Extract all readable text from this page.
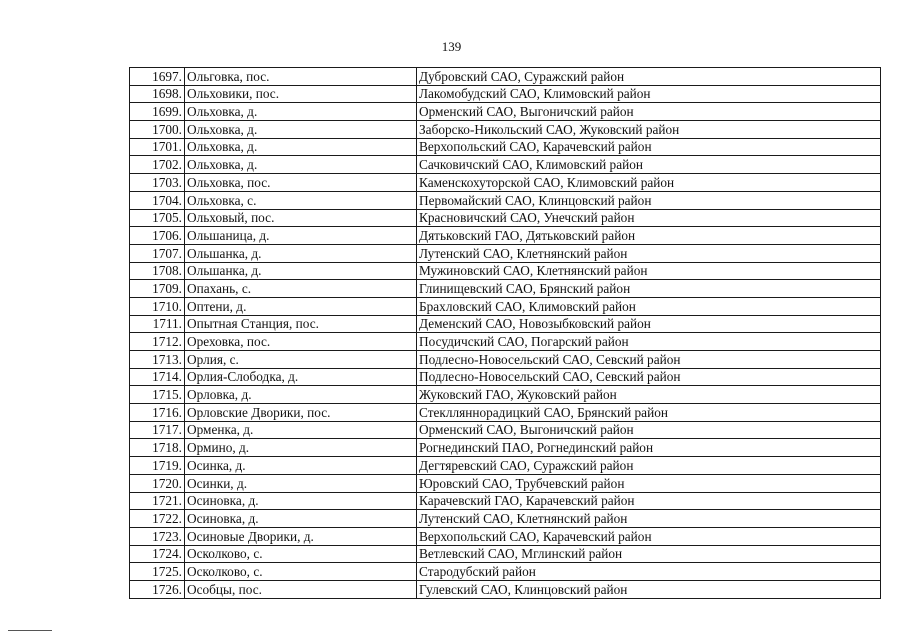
139
1697.	Ольговка, пос.	Дубровский САО, Суражский район
1698.	Ольховики, пос.	Лакомобудский САО, Климовский район
1699.	Ольховка, д.	Орменский САО, Выгоничский район
1700.	Ольховка, д.	Заборско-Никольский САО, Жуковский район
1701.	Ольховка, д.	Верхопольский САО, Карачевский район
1702.	Ольховка, д.	Сачковичский САО, Климовский район
1703.	Ольховка, пос.	Каменскохуторской САО, Климовский район
1704.	Ольховка, с.	Первомайский САО, Клинцовский район
1705.	Ольховый, пос.	Красновичский САО, Унечский район
1706.	Ольшаница, д.	Дятьковский ГАО, Дятьковский район
1707.	Ольшанка, д.	Лутенский САО, Клетнянский район
1708.	Ольшанка, д.	Мужиновский САО, Клетнянский район
1709.	Опахань, с.	Глинищевский САО, Брянский район
1710.	Оптени, д.	Брахловский САО, Климовский район
1711.	Опытная Станция, пос.	Деменский САО, Новозыбковский район
1712.	Ореховка, пос.	Посудичский САО, Погарский район
1713.	Орлия, с.	Подлесно-Новосельский САО, Севский район
1714.	Орлия-Слободка, д.	Подлесно-Новосельский САО, Севский район
1715.	Орловка, д.	Жуковский ГАО, Жуковский район
1716.	Орловские Дворики, пос.	Стеклляннорадицкий САО, Брянский район
1717.	Орменка, д.	Орменский САО, Выгоничский район
1718.	Ормино, д.	Рогнединский ПАО, Рогнединский район
1719.	Осинка, д.	Дегтяревский САО, Суражский район
1720.	Осинки, д.	Юровский САО, Трубчевский район
1721.	Осиновка, д.	Карачевский ГАО, Карачевский район
1722.	Осиновка, д.	Лутенский САО, Клетнянский район
1723.	Осиновые Дворики, д.	Верхопольский САО, Карачевский район
1724.	Осколково, с.	Ветлевский САО, Мглинский район
1725.	Осколково, с.	Стародубский район
1726.	Особцы, пос.	Гулевский САО, Клинцовский район
